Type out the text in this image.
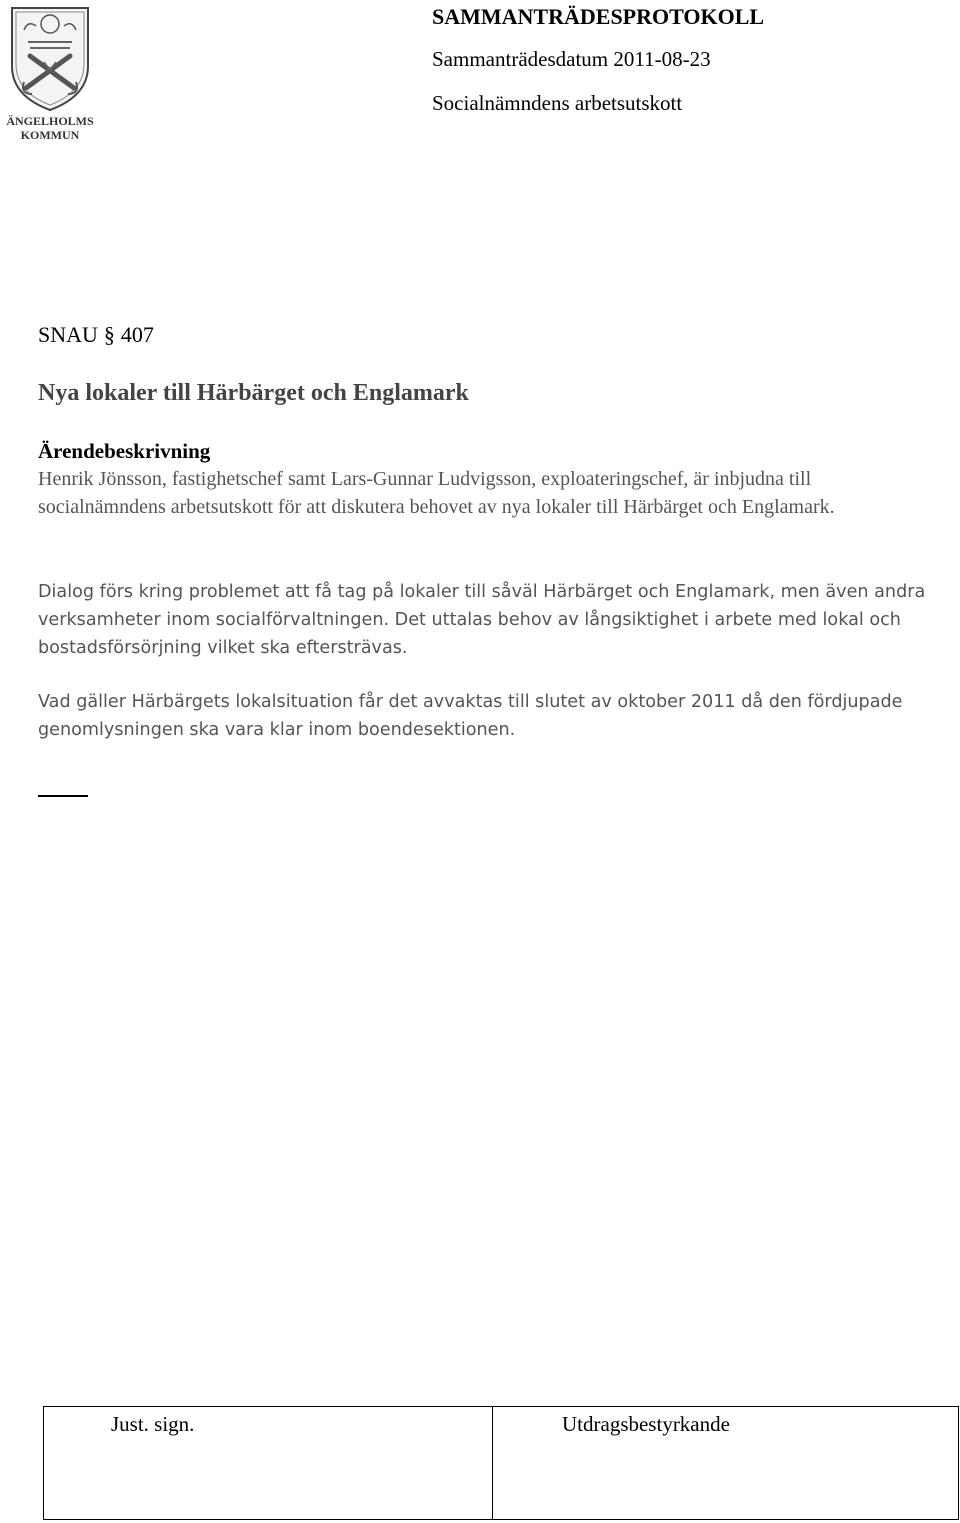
ÄNGELHOLMS
KOMMUN

SAMMANTRÄDESPROTOKOLL

Sammanträdesdatum 2011-08-23

Socialnämndens arbetsutskott

SNAU § 407
Nya lokaler till Härbärget och Englamark
Ärendebeskrivning

Henrik Jönsson, fastighetschef samt Lars-Gunnar Ludvigsson, exploateringschef, är inbjudna till socialnämndens arbetsutskott för att diskutera behovet av nya lokaler till Härbärget och Englamark.

Dialog förs kring problemet att få tag på lokaler till såväl Härbärget och Englamark, men även andra verksamheter inom socialförvaltningen. Det uttalas behov av långsiktighet i arbete med lokal och bostadsförsörjning vilket ska eftersträvas.

Vad gäller Härbärgets lokalsituation får det avvaktas till slutet av oktober 2011 då den fördjupade genomlysningen ska vara klar inom boendesektionen.

Just. sign.	Utdragsbestyrkande
